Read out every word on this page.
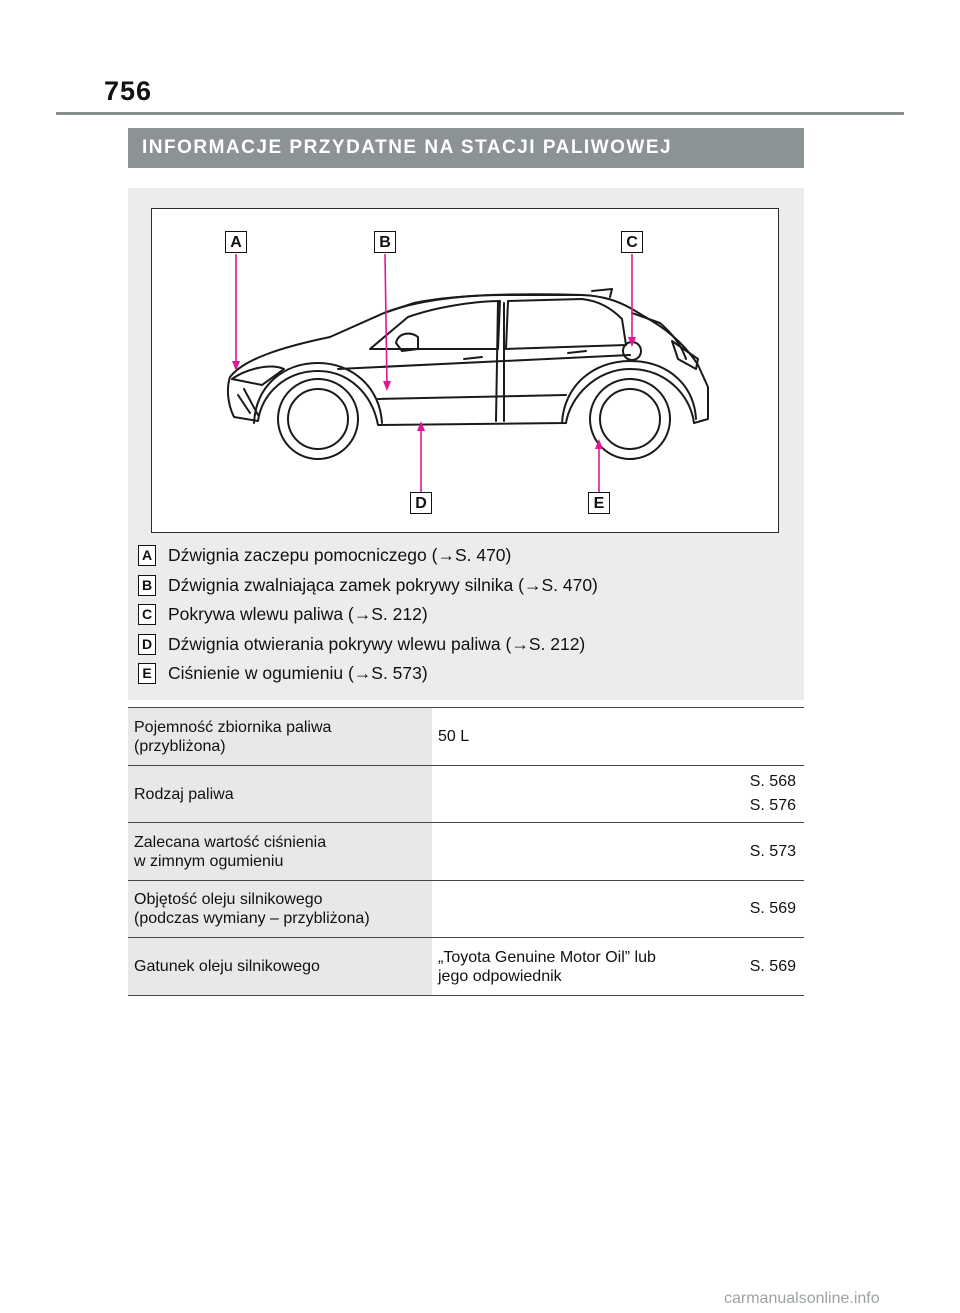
756
INFORMACJE PRZYDATNE NA STACJI PALIWOWEJ
A	B	C
D	E
A Dźwignia zaczepu pomocniczego (→S. 470)
B Dźwignia zwalniająca zamek pokrywy silnika (→S. 470)
C Pokrywa wlewu paliwa (→S. 212)
D Dźwignia otwierania pokrywy wlewu paliwa (→S. 212)
E Ciśnienie w ogumieniu (→S. 573)
Pojemność zbiornika paliwa
(przybliżona)	50 L	
Rodzaj paliwa		S. 568
S. 576

Zalecana wartość ciśnienia
w zimnym ogumieniu		S. 573

Objętość oleju silnikowego
(podczas wymiany – przybliżona)		S. 569

Gatunek oleju silnikowego	„Toyota Genuine Motor Oil” lub
jego odpowiednik	S. 569
carmanualsonline.info
